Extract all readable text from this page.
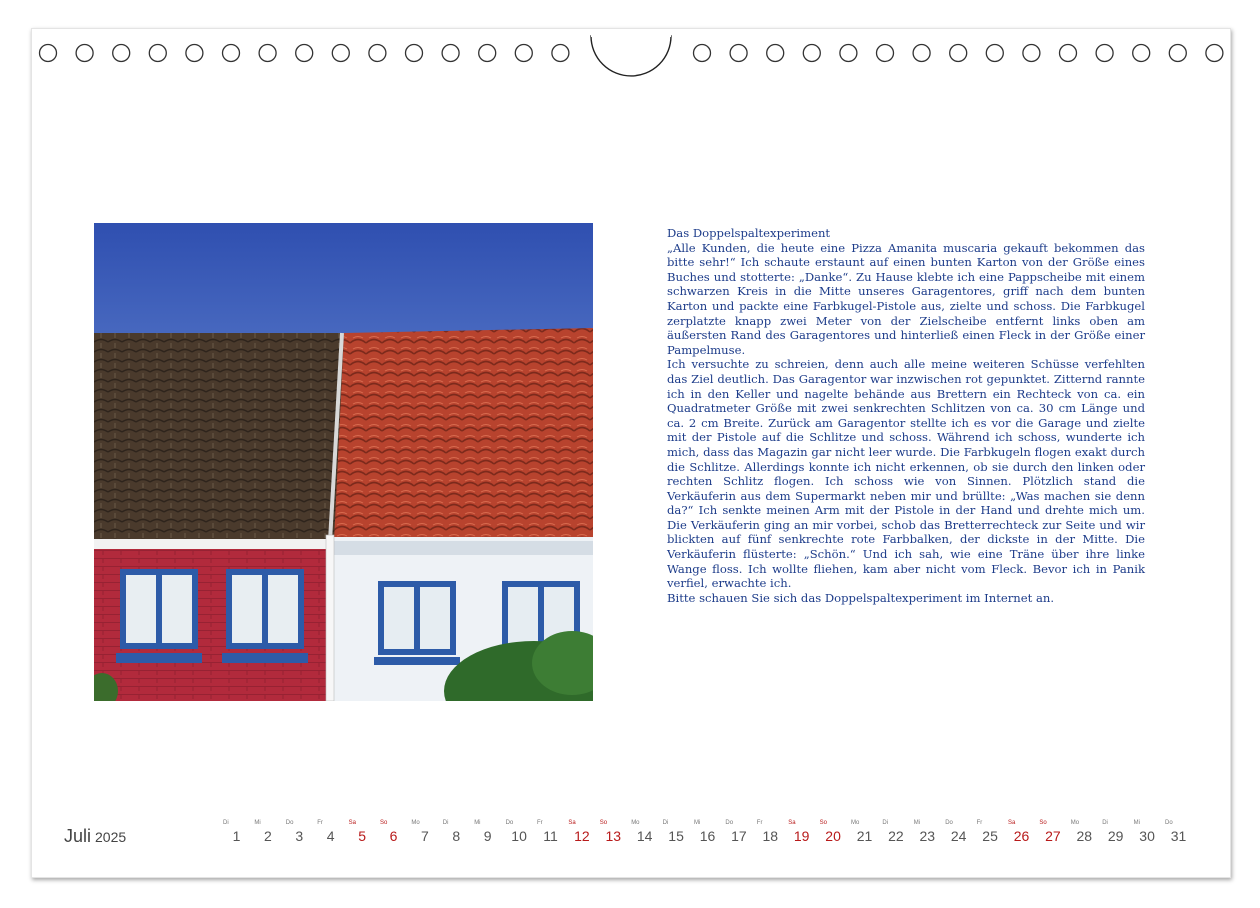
Das Doppelspaltexperiment

„Alle Kunden, die heute eine Pizza Amanita muscaria gekauft bekommen das bitte sehr!“ Ich schaute erstaunt auf einen bunten Karton von der Größe eines Buches und stotterte: „Danke“. Zu Hause klebte ich eine Pappscheibe mit einem schwarzen Kreis in die Mitte unseres Garagentores, griff nach dem bunten Karton und packte eine Farbkugel-Pistole aus, zielte und schoss. Die Farbkugel zerplatzte knapp zwei Meter von der Zielscheibe entfernt links oben am äußersten Rand des Garagentores und hinterließ einen Fleck in der Größe einer Pampelmuse.

Ich versuchte zu schreien, denn auch alle meine weiteren Schüsse verfehlten das Ziel deutlich. Das Garagentor war inzwischen rot gepunktet. Zitternd rannte ich in den Keller und nagelte behände aus Brettern ein Rechteck von ca. ein Quadratmeter Größe mit zwei senkrechten Schlitzen von ca. 30 cm Länge und ca. 2 cm Breite. Zurück am Garagentor stellte ich es vor die Garage und zielte mit der Pistole auf die Schlitze und schoss. Während ich schoss, wunderte ich mich, dass das Magazin gar nicht leer wurde. Die Farbkugeln flogen exakt durch die Schlitze. Allerdings konnte ich nicht erkennen, ob sie durch den linken oder rechten Schlitz flogen. Ich schoss wie von Sinnen. Plötzlich stand die Verkäuferin aus dem Supermarkt neben mir und brüllte: „Was machen sie denn da?“ Ich senkte meinen Arm mit der Pistole in der Hand und drehte mich um. Die Verkäuferin ging an mir vorbei, schob das Bretterrechteck zur Seite und wir blickten auf fünf senkrechte rote Farbbalken, der dickste in der Mitte. Die Verkäuferin flüsterte: „Schön.“ Und ich sah, wie eine Träne über ihre linke Wange floss. Ich wollte fliehen, kam aber nicht vom Fleck. Bevor ich in Panik verfiel, erwachte ich.

Bitte schauen Sie sich das Doppelspaltexperiment im Internet an.

Juli 2025
Di
1
Mi
2
Do
3
Fr
4
Sa
5
So
6
Mo
7
Di
8
Mi
9
Do
10
Fr
11
Sa
12
So
13
Mo
14
Di
15
Mi
16
Do
17
Fr
18
Sa
19
So
20
Mo
21
Di
22
Mi
23
Do
24
Fr
25
Sa
26
So
27
Mo
28
Di
29
Mi
30
Do
31
